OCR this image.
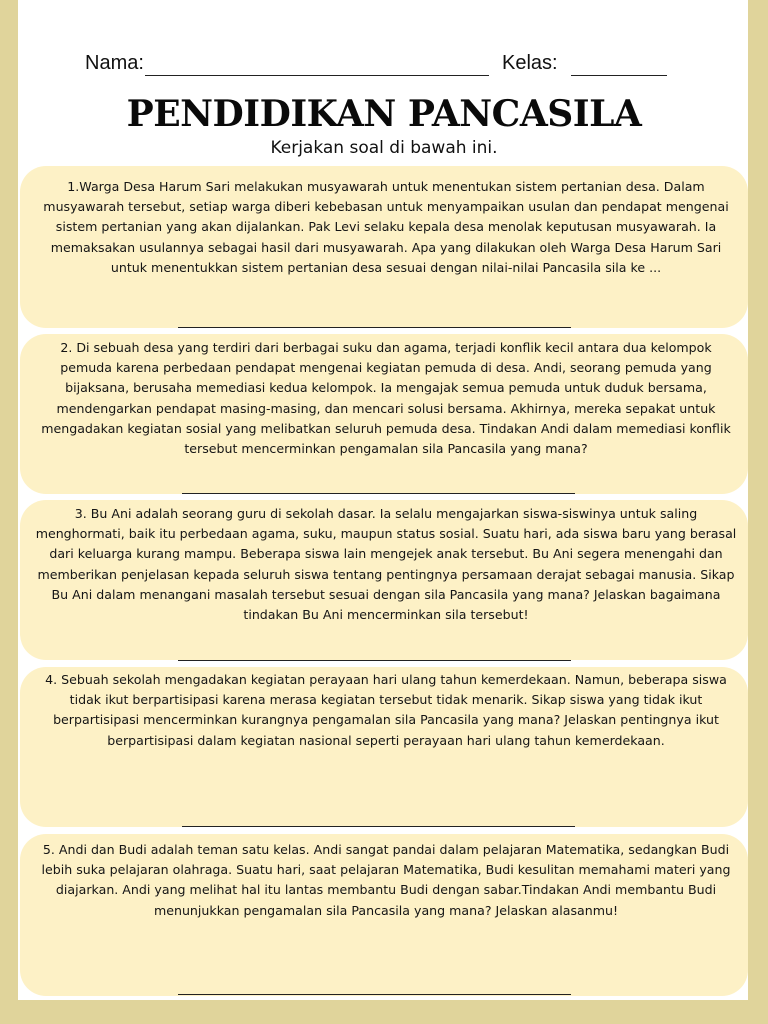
Nama:	Kelas:
PENDIDIKAN PANCASILA
Kerjakan soal di bawah ini.

1.Warga Desa Harum Sari melakukan musyawarah untuk menentukan sistem pertanian desa. Dalam musyawarah tersebut, setiap warga diberi kebebasan untuk menyampaikan usulan dan pendapat mengenai sistem pertanian yang akan dijalankan. Pak Levi selaku kepala desa menolak keputusan musyawarah. Ia memaksakan usulannya sebagai hasil dari musyawarah. Apa yang dilakukan oleh Warga Desa Harum Sari untuk menentukkan sistem pertanian desa sesuai dengan nilai-nilai Pancasila sila ke ...

2. Di sebuah desa yang terdiri dari berbagai suku dan agama, terjadi konflik kecil antara dua kelompok pemuda karena perbedaan pendapat mengenai kegiatan pemuda di desa. Andi, seorang pemuda yang bijaksana, berusaha memediasi kedua kelompok. Ia mengajak semua pemuda untuk duduk bersama, mendengarkan pendapat masing-masing, dan mencari solusi bersama. Akhirnya, mereka sepakat untuk mengadakan kegiatan sosial yang melibatkan seluruh pemuda desa. Tindakan Andi dalam memediasi konflik tersebut mencerminkan pengamalan sila Pancasila yang mana?

3. Bu Ani adalah seorang guru di sekolah dasar. Ia selalu mengajarkan siswa-siswinya untuk saling menghormati, baik itu perbedaan agama, suku, maupun status sosial. Suatu hari, ada siswa baru yang berasal dari keluarga kurang mampu. Beberapa siswa lain mengejek anak tersebut. Bu Ani segera menengahi dan memberikan penjelasan kepada seluruh siswa tentang pentingnya persamaan derajat sebagai manusia. Sikap Bu Ani dalam menangani masalah tersebut sesuai dengan sila Pancasila yang mana? Jelaskan bagaimana tindakan Bu Ani mencerminkan sila tersebut!

4. Sebuah sekolah mengadakan kegiatan perayaan hari ulang tahun kemerdekaan. Namun, beberapa siswa tidak ikut berpartisipasi karena merasa kegiatan tersebut tidak menarik. Sikap siswa yang tidak ikut berpartisipasi mencerminkan kurangnya pengamalan sila Pancasila yang mana? Jelaskan pentingnya ikut berpartisipasi dalam kegiatan nasional seperti perayaan hari ulang tahun kemerdekaan.

5. Andi dan Budi adalah teman satu kelas. Andi sangat pandai dalam pelajaran Matematika, sedangkan Budi lebih suka pelajaran olahraga. Suatu hari, saat pelajaran Matematika, Budi kesulitan memahami materi yang diajarkan. Andi yang melihat hal itu lantas membantu Budi dengan sabar.Tindakan Andi membantu Budi menunjukkan pengamalan sila Pancasila yang mana? Jelaskan alasanmu!
